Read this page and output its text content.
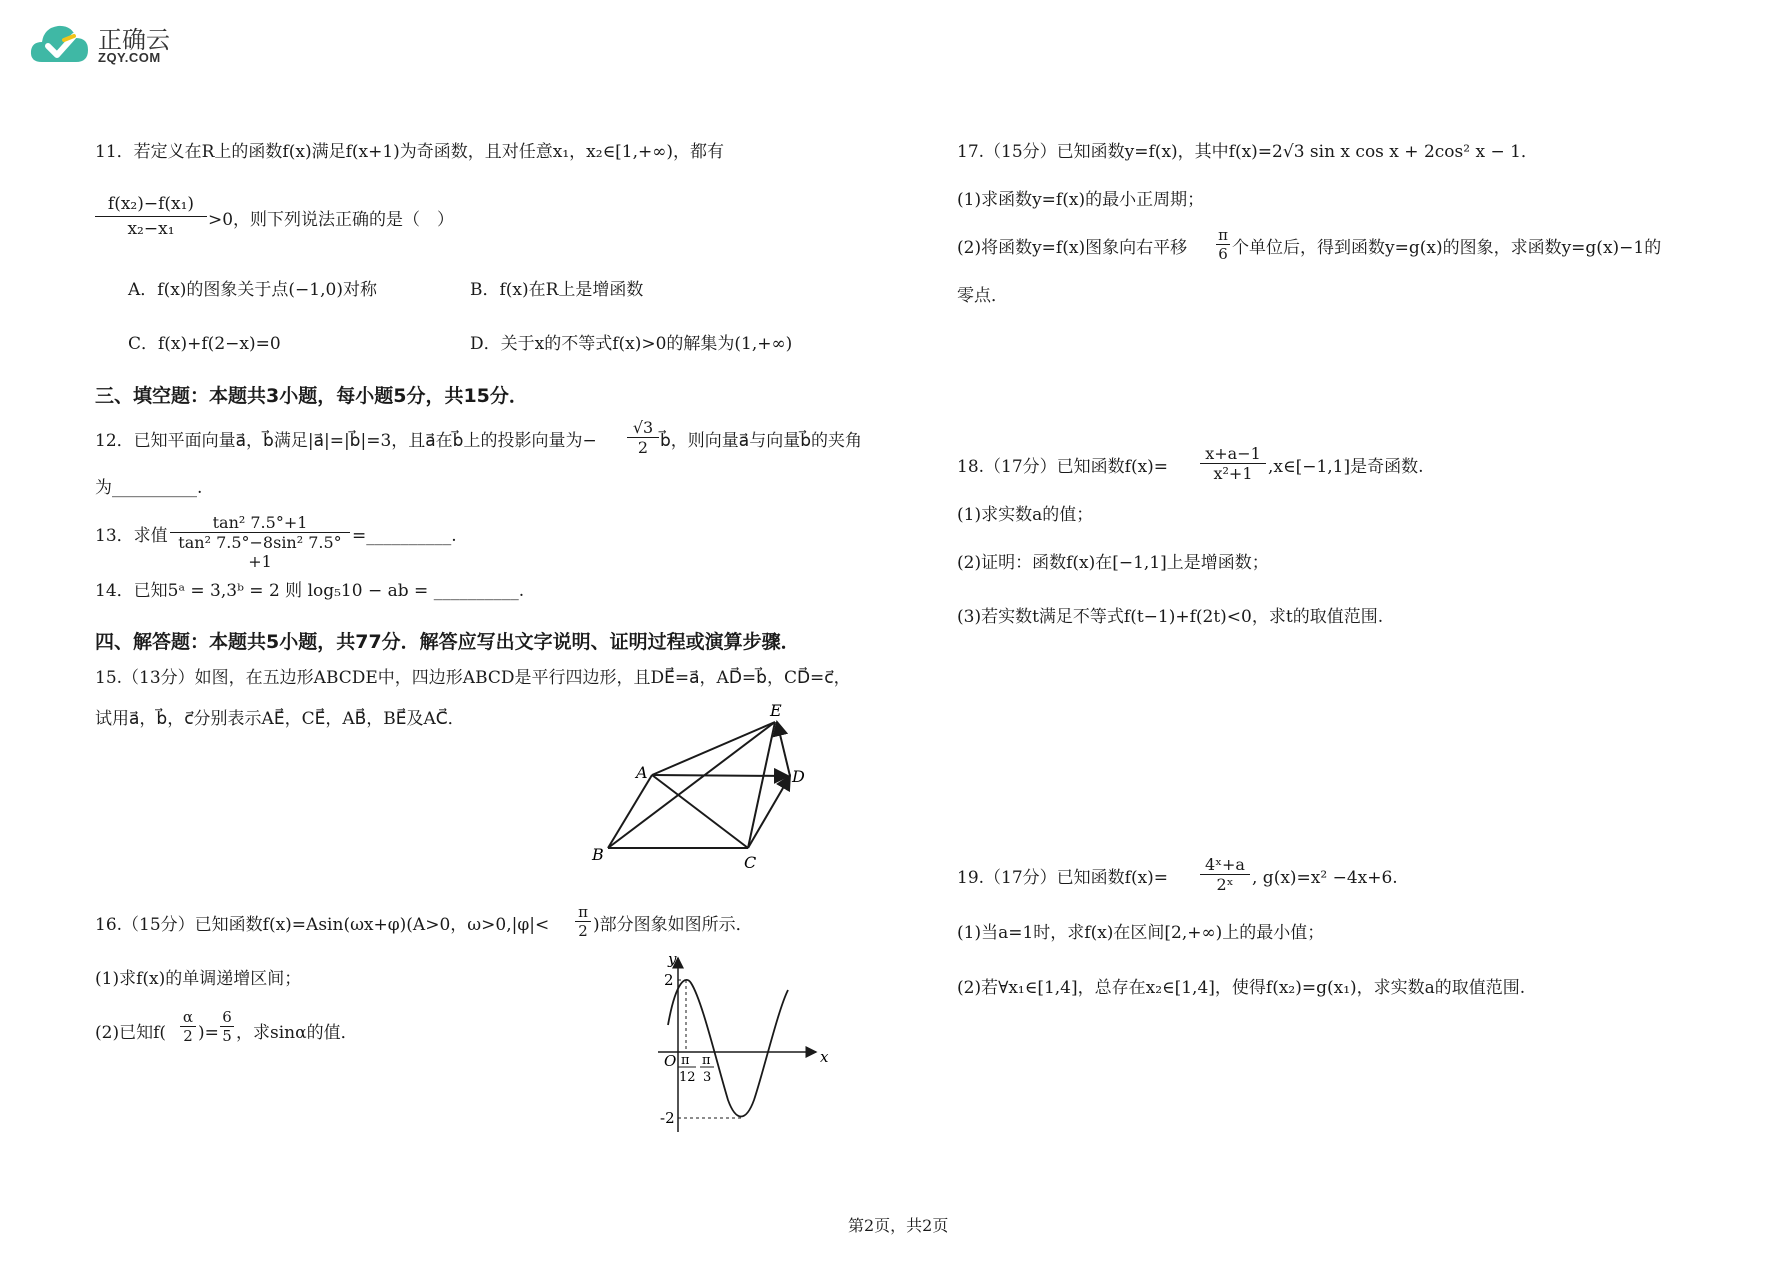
正确云
ZQY.COM
11．若定义在R上的函数f(x)满足f(x+1)为奇函数，且对任意x₁，x₂∈[1,+∞)，都有
$\frac{\text{f(x₂)−f(x₁)}}{\text{x₂−x₁}} >0$，则下列说法正确的是（　）
A．f(x)的图象关于点(−1,0)对称	B．f(x)在R上是增函数
C．f(x)+f(2−x)=0	D．关于x的不等式f(x)>0的解集为(1,+∞)
三、填空题：本题共3小题，每小题5分，共15分．
12．已知平面向量a⃗，b⃗满足|a⃗|=|b⃗|=3，且a⃗在b⃗上的投影向量为− $\frac{√3}{2}$ b⃗，则向量a⃗与向量b⃗的夹角
为__________.
13．求值 $\frac{\text{tan² 7.5°+1}}{\text{tan² 7.5°−8sin² 7.5°+1}}$ =__________.
14．已知5ᵃ = 3,3ᵇ = 2 则 log₅10 − ab = __________.
四、解答题：本题共5小题，共77分．解答应写出文字说明、证明过程或演算步骤．
15.（13分）如图，在五边形ABCDE中，四边形ABCD是平行四边形，且DE⃗=a⃗，AD⃗=b⃗，CD⃗=c⃗，
试用a⃗，b⃗，c⃗分别表示AE⃗，CE⃗，AB⃗，BE⃗及AC⃗．
A
B	C
D
E
16.（15分）已知函数f(x)=Asin(ωx+φ)(A>0，ω>0,|φ|<
π
2 )部分图象如图所示．
(1)求f(x)的单调递增区间；
(2)已知f(
α
2 )=
6
5 ，求sinα的值．
y
x
O
2
-2
π
12
π
3
17.（15分）已知函数y=f(x)，其中f(x)=2√3 sin x cos x + 2cos² x − 1．
(1)求函数y=f(x)的最小正周期；
(2)将函数y=f(x)图象向右平移
π
6 个单位后，得到函数y=g(x)的图象，求函数y=g(x)−1的
零点．
18.（17分）已知函数$f(x)= \frac{x+a-1}{\text{x²+1}}$ ,x∈[−1,1]是奇函数.
(1)求实数a的值；
(2)证明：函数f(x)在[−1,1]上是增函数；
(3)若实数t满足不等式f(t−1)+f(2t)<0，求t的取值范围.
19.（17分）已知函数$f(x)= \frac{\text{4ˣ+a}}{\text{2ˣ}}$ , g(x)=x² −4x+6.
(1)当a=1时，求f(x)在区间[2,+∞)上的最小值；
(2)若∀x₁∈[1,4]，总存在x₂∈[1,4]，使得f(x₂)=g(x₁)，求实数a的取值范围.
第2页，共2页
